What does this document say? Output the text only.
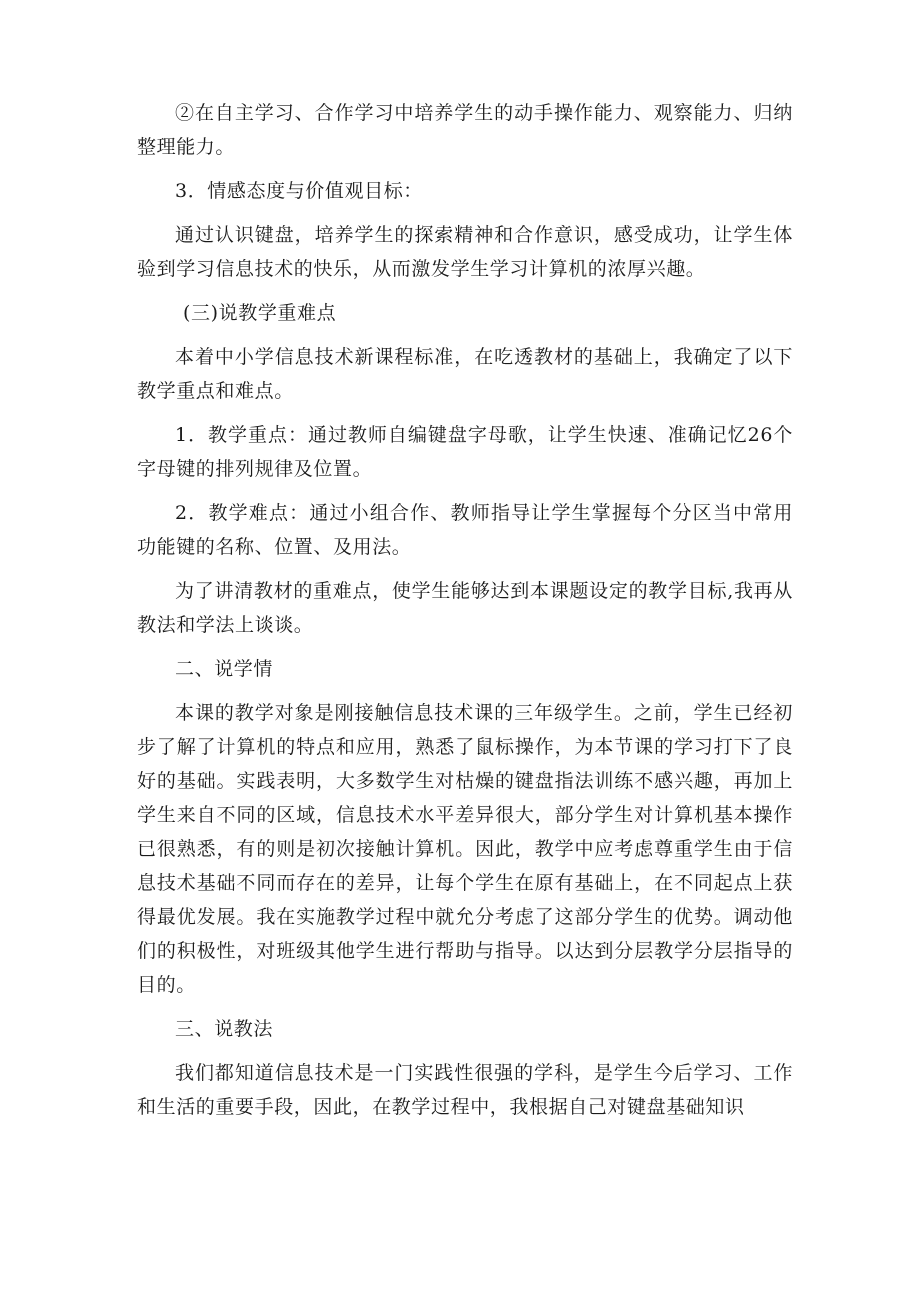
②在自主学习、合作学习中培养学生的动手操作能力、观察能力、归纳整理能力。

3．情感态度与价值观目标：

通过认识键盘，培养学生的探索精神和合作意识，感受成功，让学生体验到学习信息技术的快乐，从而激发学生学习计算机的浓厚兴趣。

(三)说教学重难点

本着中小学信息技术新课程标准，在吃透教材的基础上，我确定了以下教学重点和难点。

1．教学重点：通过教师自编键盘字母歌，让学生快速、准确记忆26个字母键的排列规律及位置。

2．教学难点：通过小组合作、教师指导让学生掌握每个分区当中常用功能键的名称、位置、及用法。

为了讲清教材的重难点，使学生能够达到本课题设定的教学目标,我再从教法和学法上谈谈。

二、说学情

本课的教学对象是刚接触信息技术课的三年级学生。之前，学生已经初步了解了计算机的特点和应用，熟悉了鼠标操作，为本节课的学习打下了良好的基础。实践表明，大多数学生对枯燥的键盘指法训练不感兴趣，再加上学生来自不同的区域，信息技术水平差异很大，部分学生对计算机基本操作已很熟悉，有的则是初次接触计算机。因此，教学中应考虑尊重学生由于信息技术基础不同而存在的差异，让每个学生在原有基础上，在不同起点上获得最优发展。我在实施教学过程中就允分考虑了这部分学生的优势。调动他们的积极性，对班级其他学生进行帮助与指导。以达到分层教学分层指导的目的。

三、说教法

我们都知道信息技术是一门实践性很强的学科，是学生今后学习、工作和生活的重要手段，因此，在教学过程中，我根据自己对键盘基础知识
